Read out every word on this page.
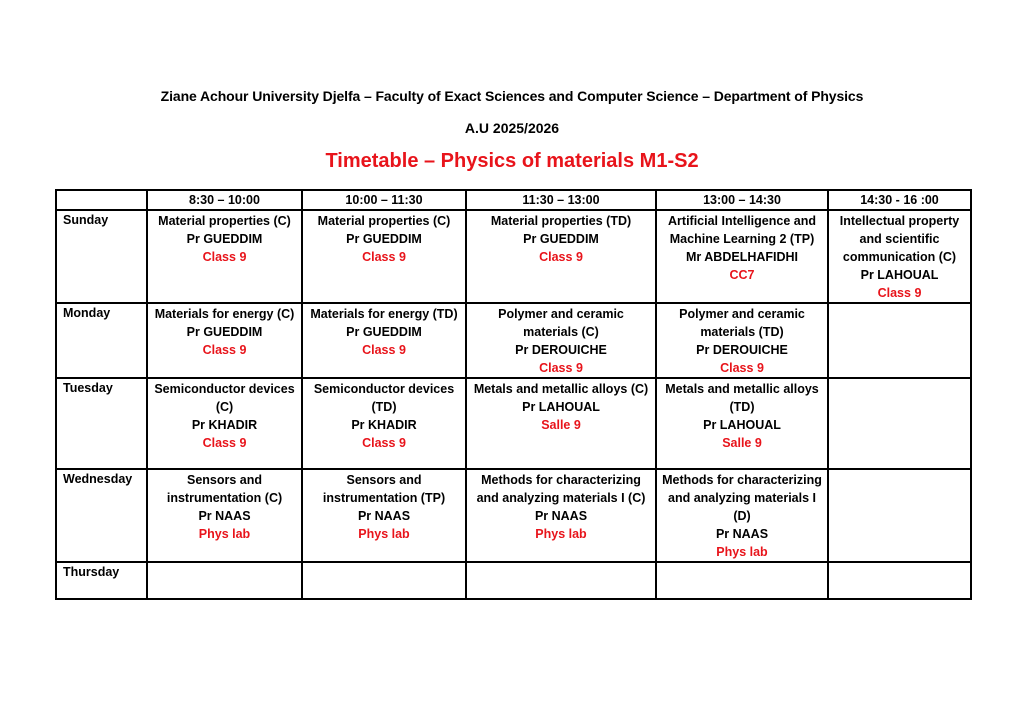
Ziane Achour University Djelfa – Faculty of Exact Sciences and Computer Science – Department of Physics
A.U 2025/2026
Timetable – Physics of materials M1-S2
	8:30 – 10:00	10:00 – 11:30	11:30 – 13:00	13:00 – 14:30	14:30 - 16 :00
Sunday	Material properties (C)
Pr GUEDDIM
Class 9	Material properties (C)
Pr GUEDDIM
Class 9	Material properties (TD)
Pr GUEDDIM
Class 9	Artificial Intelligence and Machine Learning 2 (TP)
Mr ABDELHAFIDHI
CC7	Intellectual property and scientific communication (C)
Pr LAHOUAL
Class 9

Monday	Materials for energy (C)
Pr GUEDDIM
Class 9	Materials for energy (TD)
Pr GUEDDIM
Class 9	Polymer and ceramic materials (C)
Pr DEROUICHE
Class 9	Polymer and ceramic materials (TD)
Pr DEROUICHE
Class 9	

Tuesday	Semiconductor devices (C)
Pr KHADIR
Class 9	Semiconductor devices (TD)
Pr KHADIR
Class 9	Metals and metallic alloys (C)
Pr LAHOUAL
Salle 9	Metals and metallic alloys (TD)
Pr LAHOUAL
Salle 9	

Wednesday	Sensors and instrumentation (C)
Pr NAAS
Phys lab	Sensors and instrumentation (TP)
Pr NAAS
Phys lab	Methods for characterizing and analyzing materials I (C)
Pr NAAS
Phys lab	Methods for characterizing and analyzing materials I (D)
Pr NAAS
Phys lab	

Thursday					
